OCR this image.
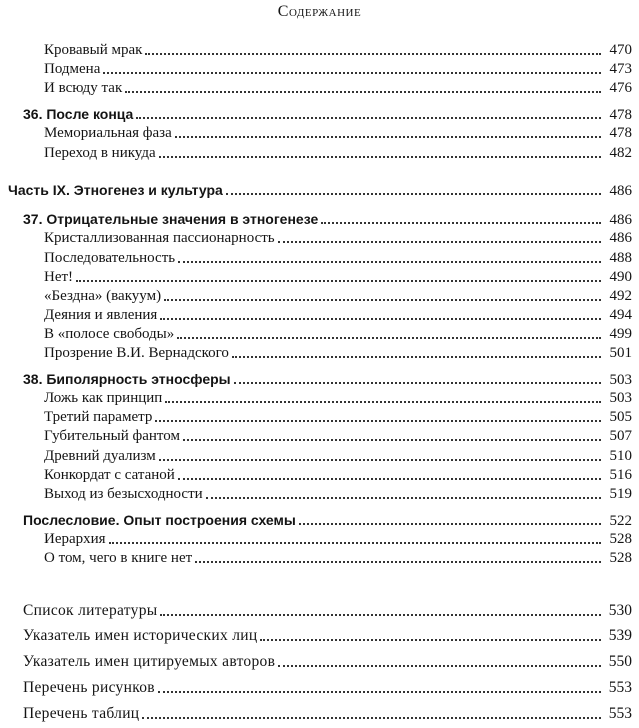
Содержание
Кровавый мрак	470
Подмена	473
И всюду так	476
36. После конца	478
Мемориальная фаза	478
Переход в никуда	482
Часть IX. Этногенез и культура	486
37. Отрицательные значения в этногенезе	486
Кристаллизованная пассионарность	486
Последовательность	488
Нет!	490
«Бездна» (вакуум)	492
Деяния и явления	494
В «полосе свободы»	499
Прозрение В.И. Вернадского	501
38. Биполярность этносферы	503
Ложь как принцип	503
Третий параметр	505
Губительный фантом	507
Древний дуализм	510
Конкордат с сатаной	516
Выход из безысходности	519
Послесловие. Опыт построения схемы	522
Иерархия	528
О том, чего в книге нет	528
Список литературы	530
Указатель имен исторических лиц	539
Указатель имен цитируемых авторов	550
Перечень рисунков	553
Перечень таблиц	553
